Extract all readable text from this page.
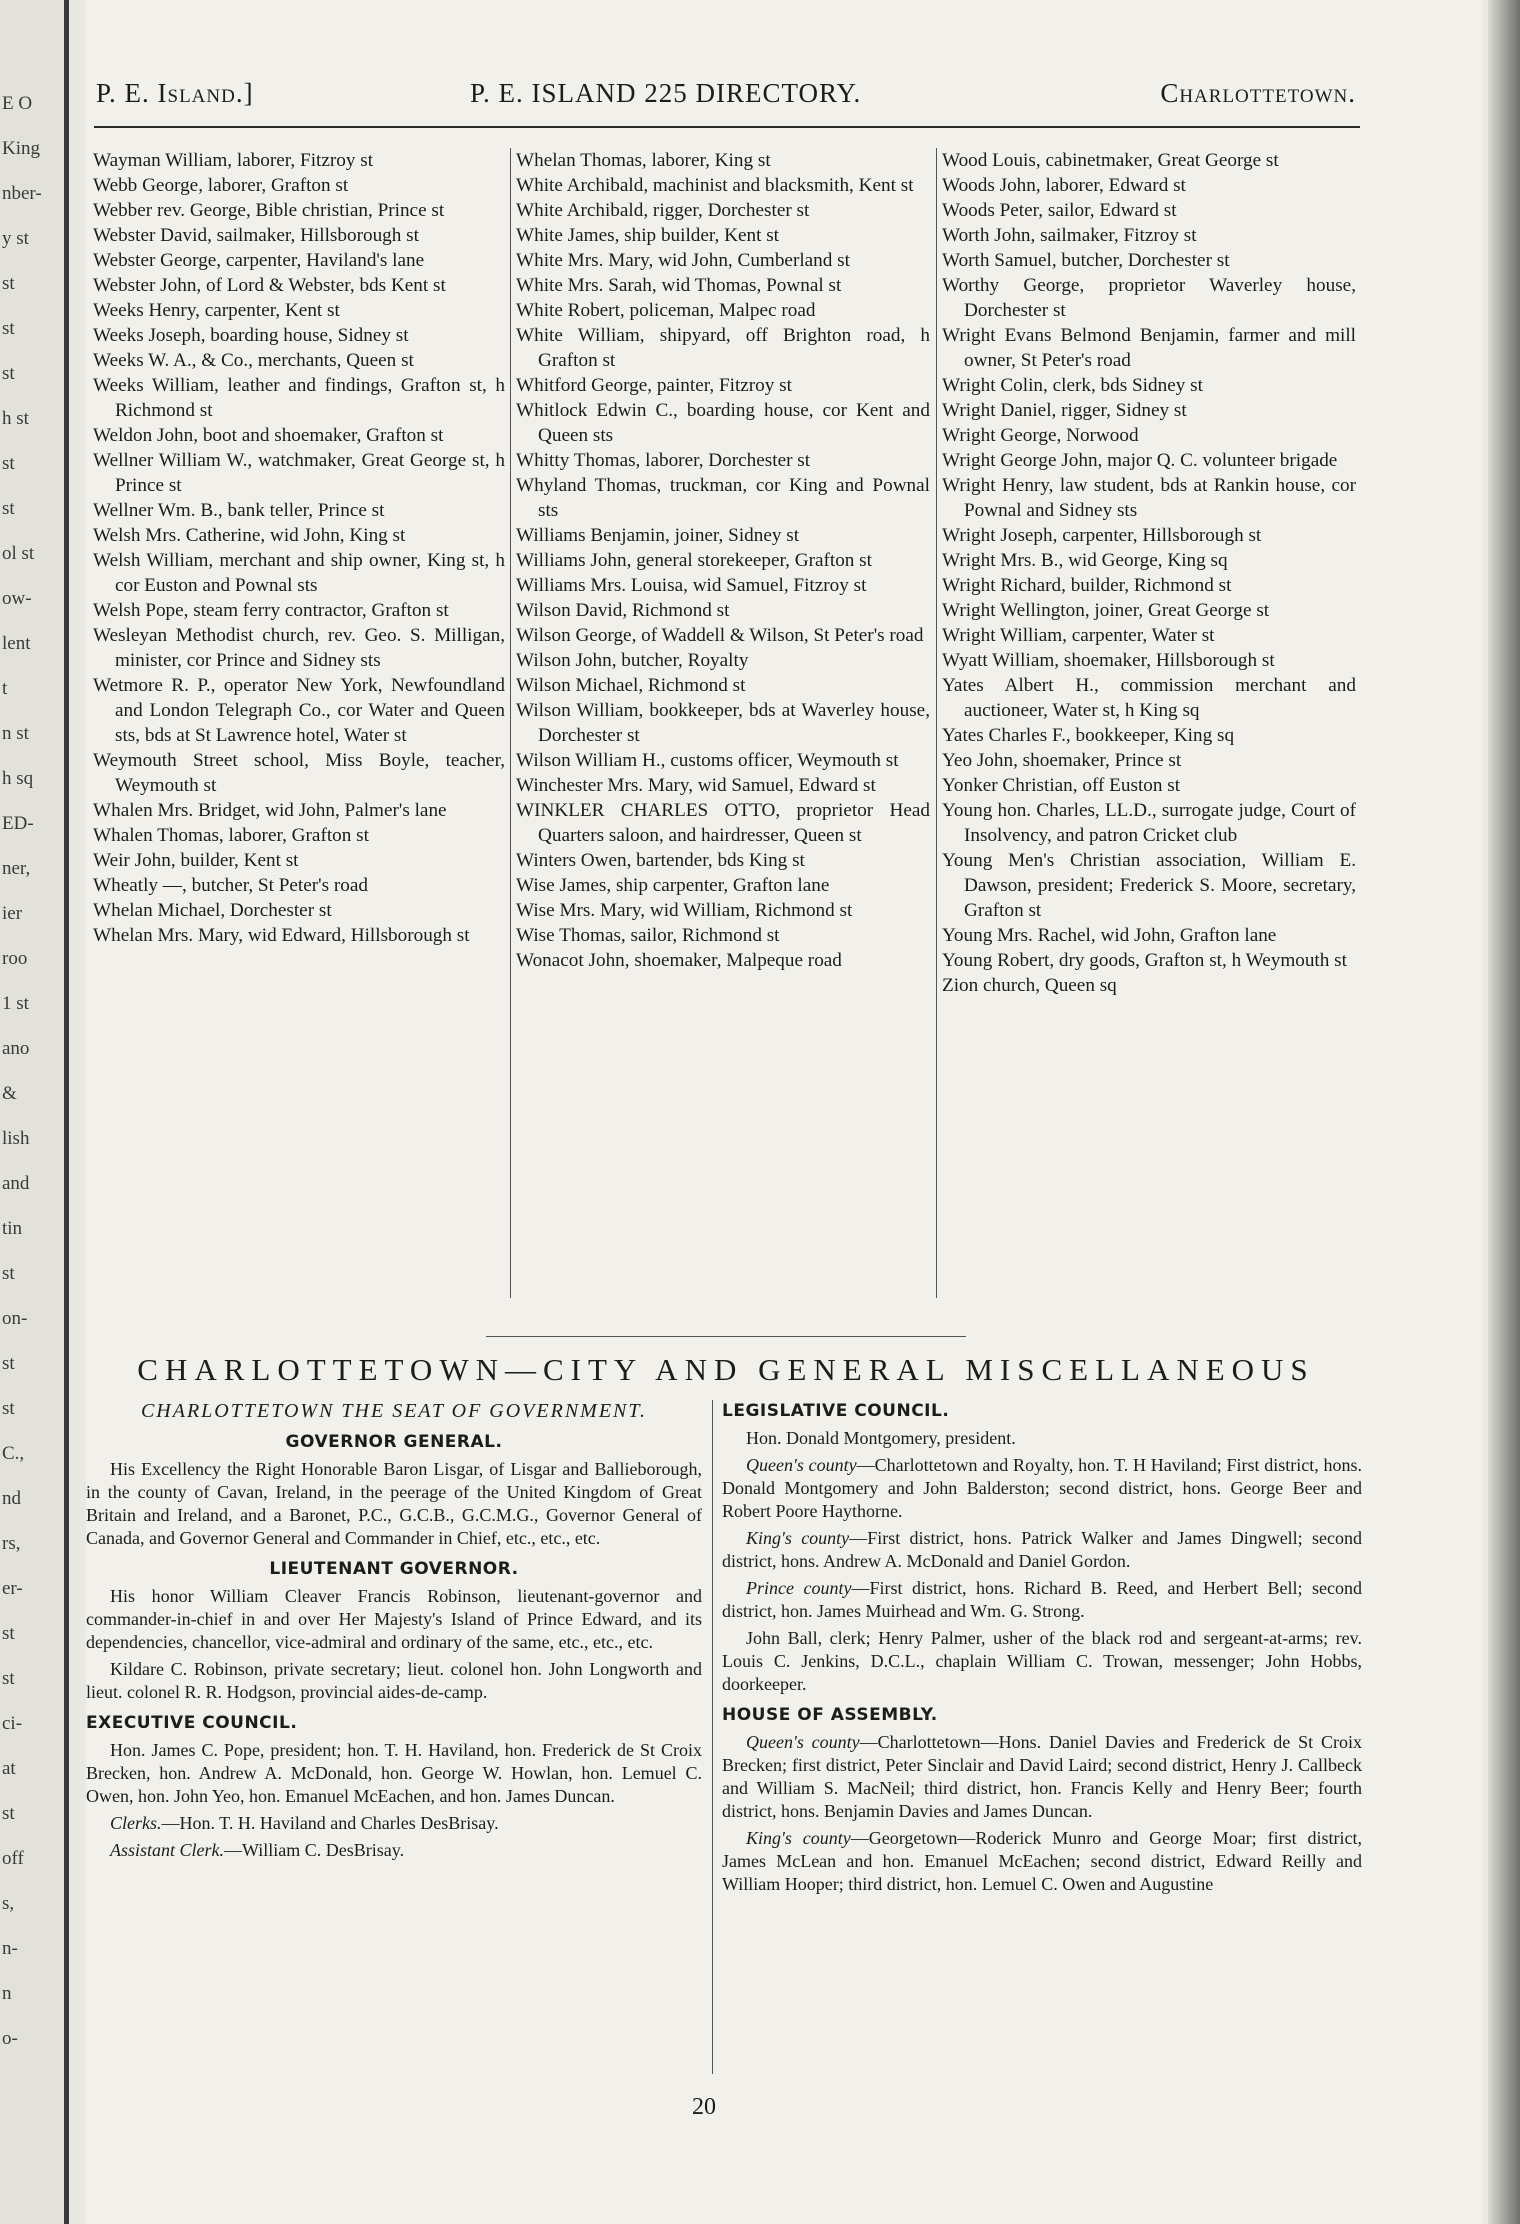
E O
King
nber-
y st
st
st
st
h st
st
st
ol st
ow-
lent
t
n st
h sq
ED-
ner,
ier
roo
1 st
ano
&
lish
and
tin
st
on-
st
st
C.,
nd
rs,
er-
st
st
ci-
at
st
off
s,
n-
n
o-
P. E. Island.]	P. E. ISLAND 225 DIRECTORY.	Charlottetown.
Wayman William, laborer, Fitzroy st
Webb George, laborer, Grafton st
Webber rev. George, Bible christian, Prince st
Webster David, sailmaker, Hillsborough st
Webster George, carpenter, Haviland's lane
Webster John, of Lord & Webster, bds Kent st
Weeks Henry, carpenter, Kent st
Weeks Joseph, boarding house, Sidney st
Weeks W. A., & Co., merchants, Queen st
Weeks William, leather and findings, Grafton st, h Richmond st
Weldon John, boot and shoemaker, Grafton st
Wellner William W., watchmaker, Great George st, h Prince st
Wellner Wm. B., bank teller, Prince st
Welsh Mrs. Catherine, wid John, King st
Welsh William, merchant and ship owner, King st, h cor Euston and Pownal sts
Welsh Pope, steam ferry contractor, Grafton st
Wesleyan Methodist church, rev. Geo. S. Milligan, minister, cor Prince and Sidney sts
Wetmore R. P., operator New York, Newfoundland and London Telegraph Co., cor Water and Queen sts, bds at St Lawrence hotel, Water st
Weymouth Street school, Miss Boyle, teacher, Weymouth st
Whalen Mrs. Bridget, wid John, Palmer's lane
Whalen Thomas, laborer, Grafton st
Weir John, builder, Kent st
Wheatly —, butcher, St Peter's road
Whelan Michael, Dorchester st
Whelan Mrs. Mary, wid Edward, Hillsborough st
Whelan Thomas, laborer, King st
White Archibald, machinist and blacksmith, Kent st
White Archibald, rigger, Dorchester st
White James, ship builder, Kent st
White Mrs. Mary, wid John, Cumberland st
White Mrs. Sarah, wid Thomas, Pownal st
White Robert, policeman, Malpec road
White William, shipyard, off Brighton road, h Grafton st
Whitford George, painter, Fitzroy st
Whitlock Edwin C., boarding house, cor Kent and Queen sts
Whitty Thomas, laborer, Dorchester st
Whyland Thomas, truckman, cor King and Pownal sts
Williams Benjamin, joiner, Sidney st
Williams John, general storekeeper, Grafton st
Williams Mrs. Louisa, wid Samuel, Fitzroy st
Wilson David, Richmond st
Wilson George, of Waddell & Wilson, St Peter's road
Wilson John, butcher, Royalty
Wilson Michael, Richmond st
Wilson William, bookkeeper, bds at Waverley house, Dorchester st
Wilson William H., customs officer, Weymouth st
Winchester Mrs. Mary, wid Samuel, Edward st
WINKLER CHARLES OTTO, proprietor Head Quarters saloon, and hairdresser, Queen st
Winters Owen, bartender, bds King st
Wise James, ship carpenter, Grafton lane
Wise Mrs. Mary, wid William, Richmond st
Wise Thomas, sailor, Richmond st
Wonacot John, shoemaker, Malpeque road
Wood Louis, cabinetmaker, Great George st
Woods John, laborer, Edward st
Woods Peter, sailor, Edward st
Worth John, sailmaker, Fitzroy st
Worth Samuel, butcher, Dorchester st
Worthy George, proprietor Waverley house, Dorchester st
Wright Evans Belmond Benjamin, farmer and mill owner, St Peter's road
Wright Colin, clerk, bds Sidney st
Wright Daniel, rigger, Sidney st
Wright George, Norwood
Wright George John, major Q. C. volunteer brigade
Wright Henry, law student, bds at Rankin house, cor Pownal and Sidney sts
Wright Joseph, carpenter, Hillsborough st
Wright Mrs. B., wid George, King sq
Wright Richard, builder, Richmond st
Wright Wellington, joiner, Great George st
Wright William, carpenter, Water st
Wyatt William, shoemaker, Hillsborough st
Yates Albert H., commission merchant and auctioneer, Water st, h King sq
Yates Charles F., bookkeeper, King sq
Yeo John, shoemaker, Prince st
Yonker Christian, off Euston st
Young hon. Charles, LL.D., surrogate judge, Court of Insolvency, and patron Cricket club
Young Men's Christian association, William E. Dawson, president; Frederick S. Moore, secretary, Grafton st
Young Mrs. Rachel, wid John, Grafton lane
Young Robert, dry goods, Grafton st, h Weymouth st
Zion church, Queen sq
CHARLOTTETOWN—CITY AND GENERAL MISCELLANEOUS
CHARLOTTETOWN THE SEAT OF GOVERNMENT.
GOVERNOR GENERAL.

His Excellency the Right Honorable Baron Lisgar, of Lisgar and Ballieborough, in the county of Cavan, Ireland, in the peerage of the United Kingdom of Great Britain and Ireland, and a Baronet, P.C., G.C.B., G.C.M.G., Governor General of Canada, and Governor General and Commander in Chief, etc., etc., etc.

LIEUTENANT GOVERNOR.

His honor William Cleaver Francis Robinson, lieutenant-governor and commander-in-chief in and over Her Majesty's Island of Prince Edward, and its dependencies, chancellor, vice-admiral and ordinary of the same, etc., etc., etc.

Kildare C. Robinson, private secretary; lieut. colonel hon. John Longworth and lieut. colonel R. R. Hodgson, provincial aides-de-camp.

EXECUTIVE COUNCIL.

Hon. James C. Pope, president; hon. T. H. Haviland, hon. Frederick de St Croix Brecken, hon. Andrew A. McDonald, hon. George W. Howlan, hon. Lemuel C. Owen, hon. John Yeo, hon. Emanuel McEachen, and hon. James Duncan.

Clerks.—Hon. T. H. Haviland and Charles DesBrisay.

Assistant Clerk.—William C. DesBrisay.

LEGISLATIVE COUNCIL.

Hon. Donald Montgomery, president.

Queen's county—Charlottetown and Royalty, hon. T. H Haviland; First district, hons. Donald Montgomery and John Balderston; second district, hons. George Beer and Robert Poore Haythorne.

King's county—First district, hons. Patrick Walker and James Dingwell; second district, hons. Andrew A. McDonald and Daniel Gordon.

Prince county—First district, hons. Richard B. Reed, and Herbert Bell; second district, hon. James Muirhead and Wm. G. Strong.

John Ball, clerk; Henry Palmer, usher of the black rod and sergeant-at-arms; rev. Louis C. Jenkins, D.C.L., chaplain William C. Trowan, messenger; John Hobbs, doorkeeper.

HOUSE OF ASSEMBLY.

Queen's county—Charlottetown—Hons. Daniel Davies and Frederick de St Croix Brecken; first district, Peter Sinclair and David Laird; second district, Henry J. Callbeck and William S. MacNeil; third district, hon. Francis Kelly and Henry Beer; fourth district, hons. Benjamin Davies and James Duncan.

King's county—Georgetown—Roderick Munro and George Moar; first district, James McLean and hon. Emanuel McEachen; second district, Edward Reilly and William Hooper; third district, hon. Lemuel C. Owen and Augustine

20
